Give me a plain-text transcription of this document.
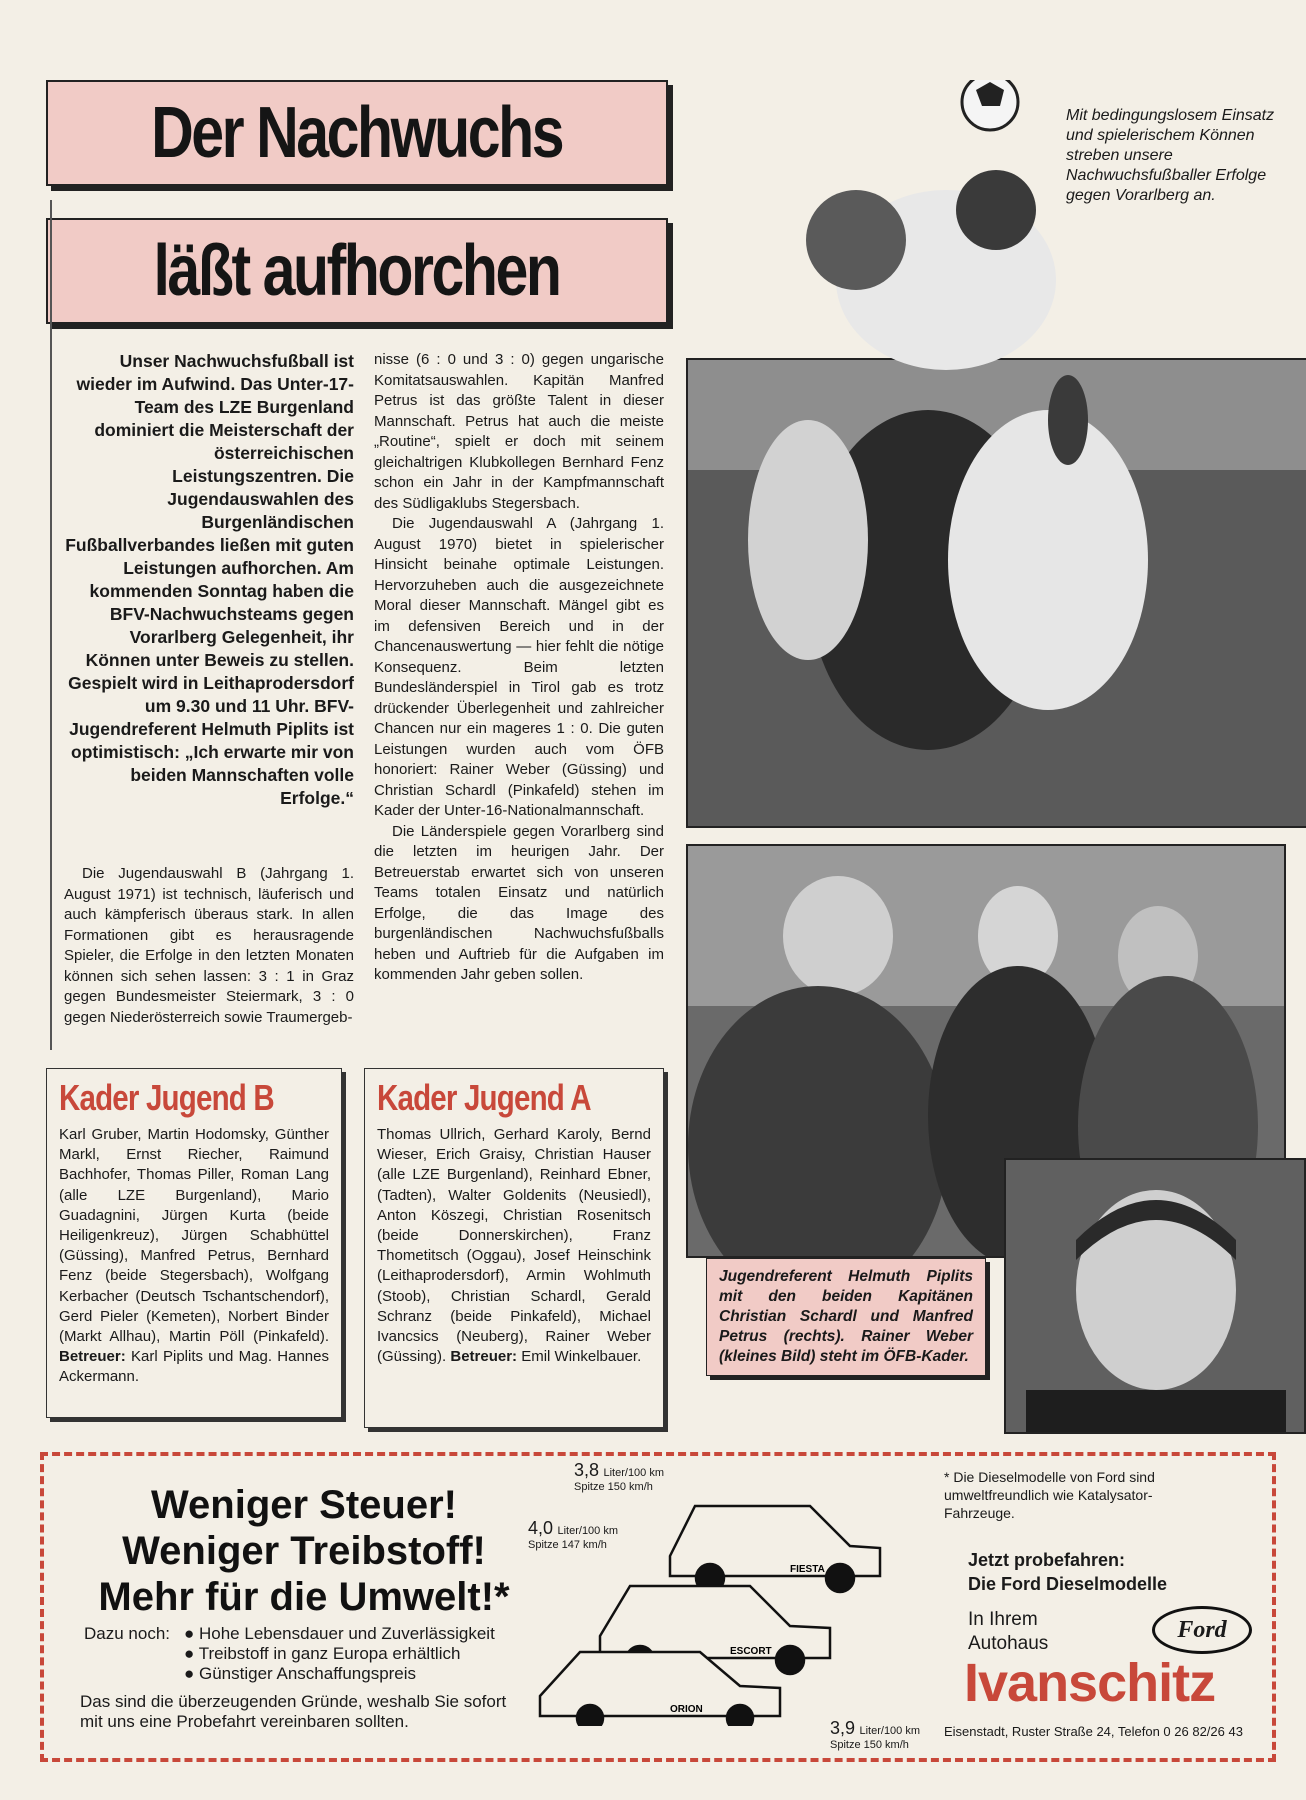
Der Nachwuchs
läßt aufhorchen
Mit bedingungslosem Einsatz und spielerischem Können streben unsere Nachwuchsfußballer Erfolge gegen Vorarlberg an.
Unser Nachwuchsfußball ist wieder im Aufwind. Das Unter-17-Team des LZE Burgenland dominiert die Meisterschaft der österreichischen Leistungszentren. Die Jugendauswahlen des Burgenländischen Fußballverbandes ließen mit guten Leistungen aufhorchen. Am kommenden Sonntag haben die BFV-Nachwuchsteams gegen Vorarlberg Gelegenheit, ihr Können unter Beweis zu stellen. Gespielt wird in Leithaprodersdorf um 9.30 und 11 Uhr. BFV-Jugendreferent Helmuth Piplits ist optimistisch: „Ich erwarte mir von beiden Mannschaften volle Erfolge.“

Die Jugendauswahl B (Jahrgang 1. August 1971) ist technisch, läuferisch und auch kämpferisch überaus stark. In allen Formationen gibt es herausragende Spieler, die Erfolge in den letzten Monaten können sich sehen lassen: 3 : 1 in Graz gegen Bundesmeister Steiermark, 3 : 0 gegen Niederösterreich sowie Traumergeb-

nisse (6 : 0 und 3 : 0) gegen ungarische Komitatsauswahlen. Kapitän Manfred Petrus ist das größte Talent in dieser Mannschaft. Petrus hat auch die meiste „Routine“, spielt er doch mit seinem gleichaltrigen Klubkollegen Bernhard Fenz schon ein Jahr in der Kampfmannschaft des Südligaklubs Stegersbach.

Die Jugendauswahl A (Jahrgang 1. August 1970) bietet in spielerischer Hinsicht beinahe optimale Leistungen. Hervorzuheben auch die ausgezeichnete Moral dieser Mannschaft. Mängel gibt es im defensiven Bereich und in der Chancenauswertung — hier fehlt die nötige Konsequenz. Beim letzten Bundesländerspiel in Tirol gab es trotz drückender Überlegenheit und zahlreicher Chancen nur ein mageres 1 : 0. Die guten Leistungen wurden auch vom ÖFB honoriert: Rainer Weber (Güssing) und Christian Schardl (Pinkafeld) stehen im Kader der Unter-16-Nationalmannschaft.

Die Länderspiele gegen Vorarlberg sind die letzten im heurigen Jahr. Der Betreuerstab erwartet sich von unseren Teams totalen Einsatz und natürlich Erfolge, die das Image des burgenländischen Nachwuchsfußballs heben und Auftrieb für die Aufgaben im kommenden Jahr geben sollen.

Kader Jugend B
Karl Gruber, Martin Hodomsky, Günther Markl, Ernst Riecher, Raimund Bachhofer, Thomas Piller, Roman Lang (alle LZE Burgenland), Mario Guadagnini, Jürgen Kurta (beide Heiligenkreuz), Jürgen Schabhüttel (Güssing), Manfred Petrus, Bernhard Fenz (beide Stegersbach), Wolfgang Kerbacher (Deutsch Tschantschendorf), Gerd Pieler (Kemeten), Norbert Binder (Markt Allhau), Martin Pöll (Pinkafeld). Betreuer: Karl Piplits und Mag. Hannes Ackermann.
Kader Jugend A
Thomas Ullrich, Gerhard Karoly, Bernd Wieser, Erich Graisy, Christian Hauser (alle LZE Burgenland), Reinhard Ebner, (Tadten), Walter Goldenits (Neusiedl), Anton Köszegi, Christian Rosenitsch (beide Donnerskirchen), Franz Thometitsch (Oggau), Josef Heinschink (Leithaprodersdorf), Armin Wohlmuth (Stoob), Christian Schardl, Gerald Schranz (beide Pinkafeld), Michael Ivancsics (Neuberg), Rainer Weber (Güssing). Betreuer: Emil Winkelbauer.
Jugendreferent Helmuth Piplits mit den beiden Kapitänen Christian Schardl und Manfred Petrus (rechts). Rainer Weber (kleines Bild) steht im ÖFB-Kader.
Weniger Steuer!
Weniger Treibstoff!
Mehr für die Umwelt!*
Dazu noch: ● Hohe Lebensdauer und Zuverlässigkeit
● Treibstoff in ganz Europa erhältlich
● Günstiger Anschaffungspreis
Das sind die überzeugenden Gründe, weshalb Sie sofort mit uns eine Probefahrt vereinbaren sollten.
3,8 Liter/100 km
Spitze 150 km/h
4,0 Liter/100 km
Spitze 147 km/h
3,9 Liter/100 km
Spitze 150 km/h
FIESTA
ESCORT
ORION
* Die Dieselmodelle von Ford sind umweltfreundlich wie Katalysator-Fahrzeuge.
Jetzt probefahren:
Die Ford Dieselmodelle
In Ihrem
Autohaus
Ford
Ivanschitz
Eisenstadt, Ruster Straße 24, Telefon 0 26 82/26 43
